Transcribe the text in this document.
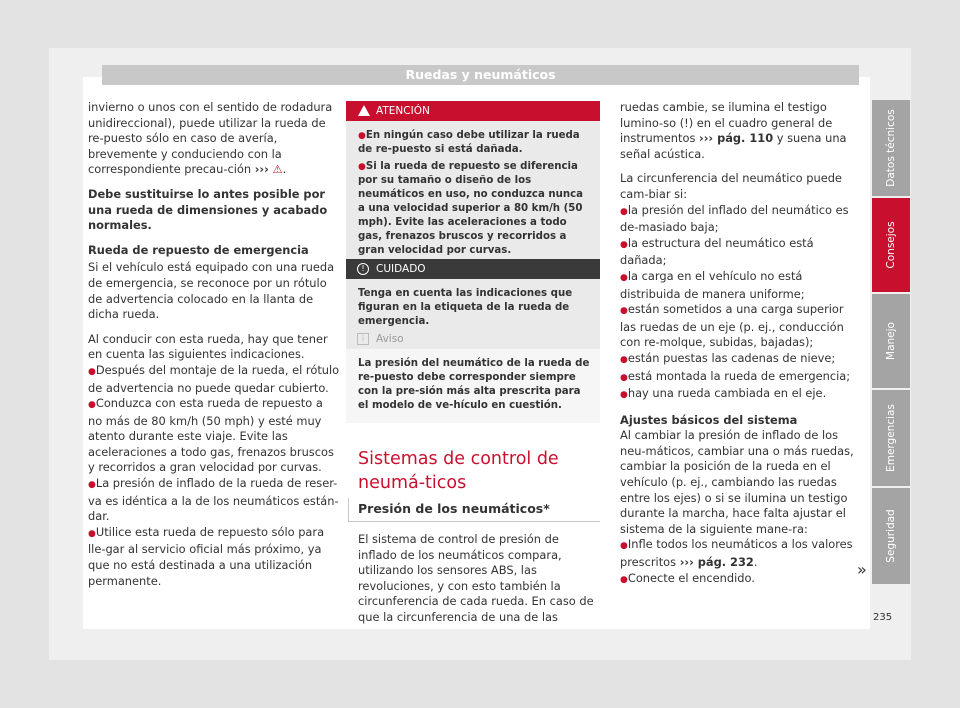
Ruedas y neumáticos

invierno o unos con el sentido de rodadura unidireccional), puede utilizar la rueda de re-puesto sólo en caso de avería, brevemente y conduciendo con la correspondiente precau-ción ››› ⚠.

Debe sustituirse lo antes posible por una rueda de dimensiones y acabado normales.

Rueda de repuesto de emergencia

Si el vehículo está equipado con una rueda de emergencia, se reconoce por un rótulo de advertencia colocado en la llanta de dicha rueda.

Al conducir con esta rueda, hay que tener en cuenta las siguientes indicaciones.

● Después del montaje de la rueda, el rótulo de advertencia no puede quedar cubierto.
● Conduzca con esta rueda de repuesto a no más de 80 km/h (50 mph) y esté muy atento durante este viaje. Evite las aceleraciones a todo gas, frenazos bruscos y recorridos a gran velocidad por curvas.
● La presión de inflado de la rueda de reser-va es idéntica a la de los neumáticos están-dar.
● Utilice esta rueda de repuesto sólo para lle-gar al servicio oficial más próximo, ya que no está destinada a una utilización permanente.
ATENCIÓN
● En ningún caso debe utilizar la rueda de re-puesto si está dañada.
● Si la rueda de repuesto se diferencia por su tamaño o diseño de los neumáticos en uso, no conduzca nunca a una velocidad superior a 80 km/h (50 mph). Evite las aceleraciones a todo gas, frenazos bruscos y recorridos a gran velocidad por curvas.
!	CUIDADO
Tenga en cuenta las indicaciones que figuran en la etiqueta de la rueda de emergencia.
i	Aviso
La presión del neumático de la rueda de re-puesto debe corresponder siempre con la pre-sión más alta prescrita para el modelo de ve-hículo en cuestión.
Sistemas de control de neumá-ticos
Presión de los neumáticos*
El sistema de control de presión de inflado de los neumáticos compara, utilizando los sensores ABS, las revoluciones, y con esto también la circunferencia de cada rueda. En caso de que la circunferencia de una de las

ruedas cambie, se ilumina el testigo lumino-so (!) en el cuadro general de instrumentos ››› pág. 110 y suena una señal acústica.

La circunferencia del neumático puede cam-biar si:

● la presión del inflado del neumático es de-masiado baja;
● la estructura del neumático está dañada;
● la carga en el vehículo no está distribuida de manera uniforme;
● están sometidos a una carga superior las ruedas de un eje (p. ej., conducción con re-molque, subidas, bajadas);
● están puestas las cadenas de nieve;
● está montada la rueda de emergencia;
● hay una rueda cambiada en el eje.

Ajustes básicos del sistema

Al cambiar la presión de inflado de los neu-máticos, cambiar una o más ruedas, cambiar la posición de la rueda en el vehículo (p. ej., cambiando las ruedas entre los ejes) o si se ilumina un testigo durante la marcha, hace falta ajustar el sistema de la siguiente mane-ra:

● Infle todos los neumáticos a los valores prescritos ››› pág. 232.
● Conecte el encendido.	»
Datos técnicos
Consejos
Manejo
Emergencias
Seguridad
235
